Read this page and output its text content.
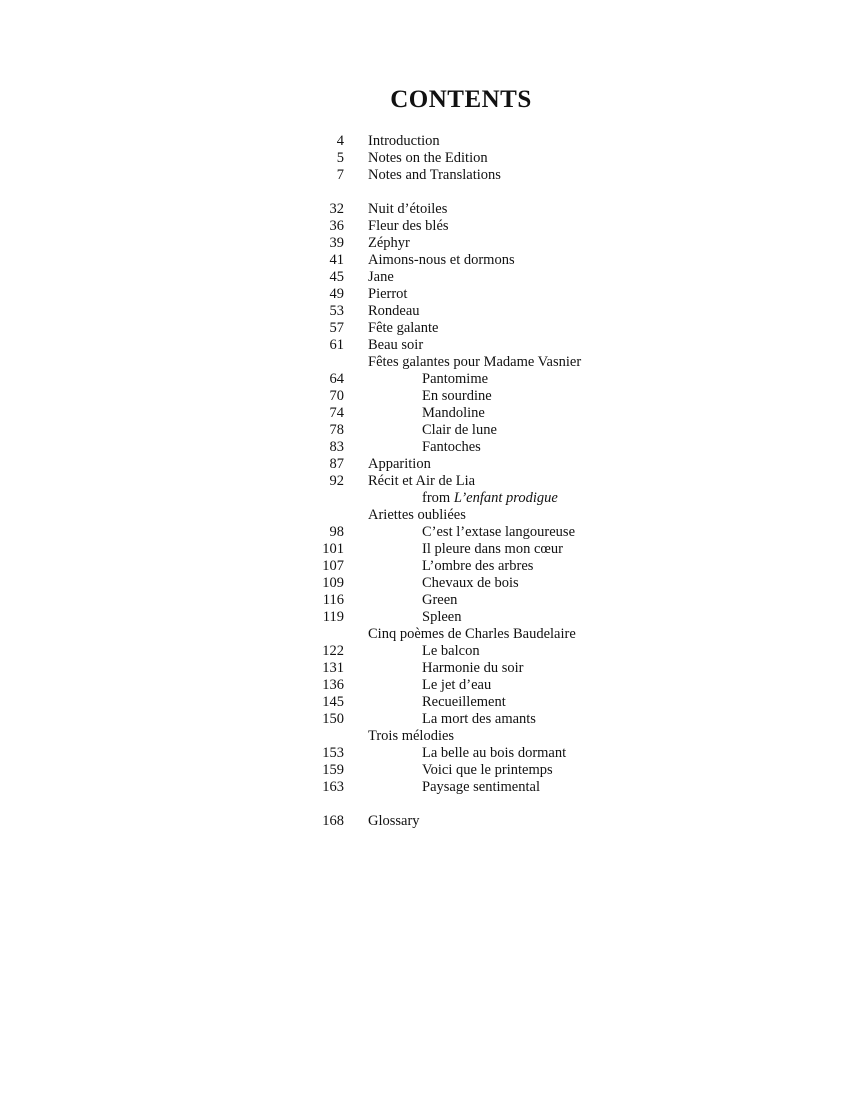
CONTENTS
4 Introduction
5 Notes on the Edition
7 Notes and Translations
32 Nuit d’étoiles
36 Fleur des blés
39 Zéphyr
41 Aimons-nous et dormons
45 Jane
49 Pierrot
53 Rondeau
57 Fête galante
61 Beau soir
Fêtes galantes pour Madame Vasnier
64	Pantomime
70	En sourdine
74	Mandoline
78	Clair de lune
83	Fantoches
87 Apparition
92 Récit et Air de Lia
from L’enfant prodigue
Ariettes oubliées
98	C’est l’extase langoureuse
101	Il pleure dans mon cœur
107	L’ombre des arbres
109	Chevaux de bois
116	Green
119	Spleen
Cinq poèmes de Charles Baudelaire
122	Le balcon
131	Harmonie du soir
136	Le jet d’eau
145	Recueillement
150	La mort des amants
Trois mélodies
153	La belle au bois dormant
159	Voici que le printemps
163	Paysage sentimental
168 Glossary
